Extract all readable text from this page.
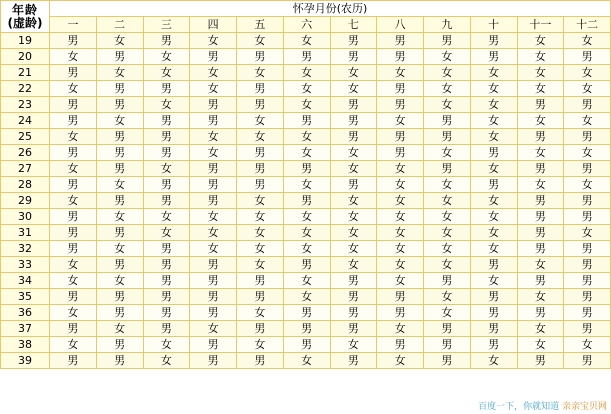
年龄
(虚龄)	怀孕月份(农历)											
	一	二	三	四	五	六	七	八	九	十	十一	十二
19	男	女	男	女	女	女	男	男	男	男	女	女
20	女	男	女	男	男	男	男	男	女	男	女	男
21	男	女	女	女	女	女	女	女	女	女	女	女
22	女	男	男	女	男	女	女	男	女	女	女	女
23	男	男	女	男	男	女	男	男	女	女	男	男
24	男	女	男	男	女	男	男	女	男	女	女	女
25	女	男	男	女	女	女	男	男	男	女	男	男
26	男	男	男	女	男	女	女	男	女	男	女	女
27	女	男	女	男	男	男	女	女	男	女	男	男
28	男	女	男	男	男	女	男	女	女	男	女	女
29	女	男	男	男	女	男	女	女	女	女	男	男
30	男	女	女	女	女	女	女	女	女	女	男	男
31	男	男	女	女	女	女	女	女	女	女	男	女
32	男	女	男	女	女	女	女	女	女	女	男	男
33	女	男	男	男	女	男	女	女	女	男	女	男
34	女	女	男	男	男	女	男	女	男	女	男	男
35	男	男	男	男	男	女	男	男	女	男	女	男
36	女	男	男	男	女	男	男	男	女	男	男	男
37	男	女	男	女	男	男	男	女	男	男	女	男
38	女	男	女	男	女	男	女	男	男	男	女	女
39	男	男	女	男	男	女	男	女	男	女	男	男
百度一下，你就知道 亲亲宝贝网
